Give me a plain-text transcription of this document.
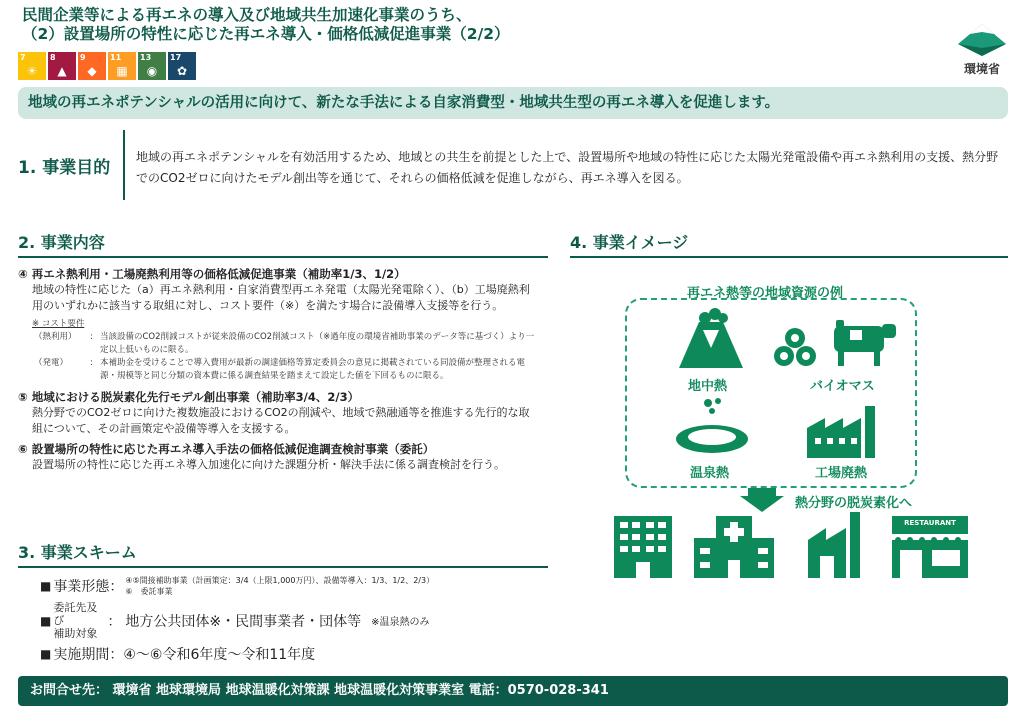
民間企業等による再エネの導入及び地域共生加速化事業のうち、
（2）設置場所の特性に応じた再エネ導入・価格低減促進事業（2/2）
7
☀
8
▲
9
◆
11
▦
13
◉
17
✿	環境省
地域の再エネポテンシャルの活用に向けて、新たな手法による自家消費型・地域共生型の再エネ導入を促進します。
1. 事業目的
地域の再エネポテンシャルを有効活用するため、地域との共生を前提とした上で、設置場所や地域の特性に応じた太陽光発電設備や再エネ熱利用の支援、熱分野でのCO2ゼロに向けたモデル創出等を通じて、それらの価格低減を促進しながら、再エネ導入を図る。
2. 事業内容
④ 再エネ熱利用・工場廃熱利用等の価格低減促進事業（補助率1/3、1/2）
地域の特性に応じた（a）再エネ熱利用・自家消費型再エネ発電（太陽光発電除く）、（b）工場廃熱利用のいずれかに該当する取組に対し、コスト要件（※）を満たす場合に設備導入支援等を行う。
※ コスト要件
（熱利用）	: 当該設備のCO2削減コストが従来設備のCO2削減コスト（※過年度の環境省補助事業のデータ等に基づく）より一定以上低いものに限る。
（発電）	: 本補助金を受けることで導入費用が最新の調達価格等算定委員会の意見に掲載されている同設備が整理される電源・規模等と同じ分類の資本費に係る調査結果を踏まえて設定した値を下回るものに限る。
⑤ 地域における脱炭素化先行モデル創出事業（補助率3/4、2/3）
熱分野でのCO2ゼロに向けた複数施設におけるCO2の削減や、地域で熱融通等を推進する先行的な取組について、その計画策定や設備等導入を支援する。
⑥ 設置場所の特性に応じた再エネ導入手法の価格低減促進調査検討事業（委託）
設置場所の特性に応じた再エネ導入加速化に向けた課題分析・解決手法に係る調査検討を行う。
3. 事業スキーム
■ 事業形態： ④⑤間接補助事業（計画策定：3/4（上限1,000万円）、設備等導入：1/3、1/2、2/3）
⑥　委託事業
■
委託先及び
補助対象
： 地方公共団体※・民間事業者・団体等 ※温泉熱のみ
■ 実施期間： ④〜⑥令和6年度〜令和11年度
4. 事業イメージ
再エネ熱等の地域資源の例
地中熱	バイオマス
温泉熱	工場廃熱
熱分野の脱炭素化へ
RESTAURANT
お問合せ先： 環境省 地球環境局 地球温暖化対策課 地球温暖化対策事業室 電話：0570-028-341
